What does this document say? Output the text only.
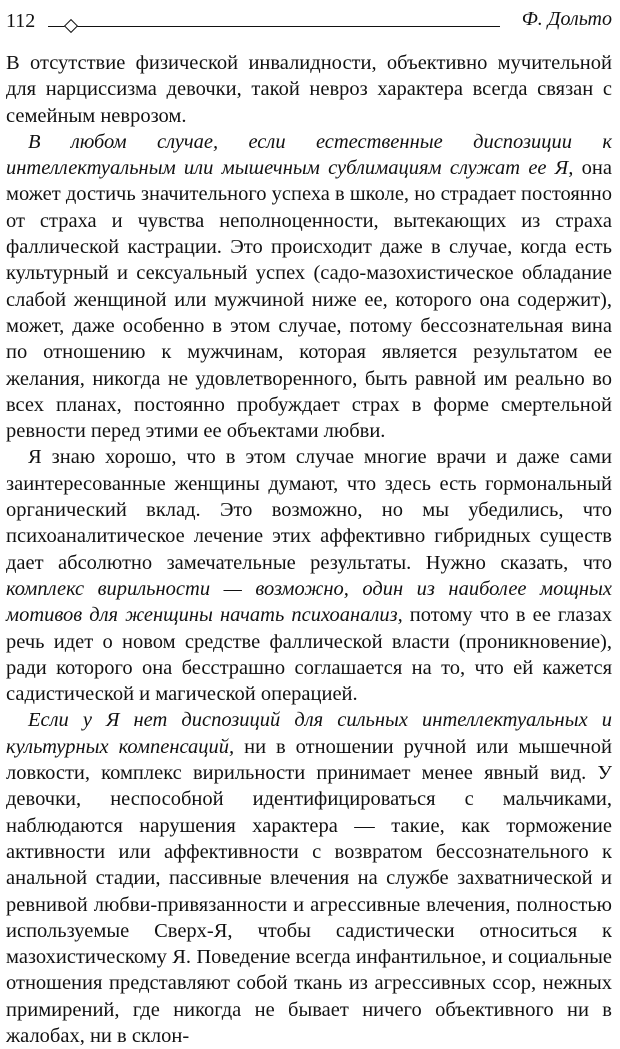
112	Ф. Дольто

В отсутствие физической инвалидности, объективно мучительной для нарциссизма девочки, такой невроз характера всегда связан с семейным неврозом.

В любом случае, если естественные диспозиции к интеллектуальным или мышечным сублимациям служат ее Я, она может достичь значительного успеха в школе, но страдает постоянно от страха и чувства неполноценности, вытекающих из страха фаллической кастрации. Это происходит даже в случае, когда есть культурный и сексуальный успех (садо-мазохистическое обладание слабой женщиной или мужчиной ниже ее, которого она содержит), может, даже особенно в этом случае, потому бессознательная вина по отношению к мужчинам, которая является результатом ее желания, никогда не удовлетворенного, быть равной им реально во всех планах, постоянно пробуждает страх в форме смертельной ревности перед этими ее объектами любви.

Я знаю хорошо, что в этом случае многие врачи и даже сами заинтересованные женщины думают, что здесь есть гормональный органический вклад. Это возможно, но мы убедились, что психоаналитическое лечение этих аффективно гибридных существ дает абсолютно замечательные результаты. Нужно сказать, что комплекс вирильности — возможно, один из наиболее мощных мотивов для женщины начать психоанализ, потому что в ее глазах речь идет о новом средстве фаллической власти (проникновение), ради которого она бесстрашно соглашается на то, что ей кажется садистической и магической операцией.

Если у Я нет диспозиций для сильных интеллектуальных и культурных компенсаций, ни в отношении ручной или мышечной ловкости, комплекс вирильности принимает менее явный вид. У девочки, неспособной идентифицироваться с мальчиками, наблюдаются нарушения характера — такие, как торможение активности или аффективности с возвратом бессознательного к анальной стадии, пассивные влечения на службе захватнической и ревнивой любви-привязанности и агрессивные влечения, полностью используемые Сверх-Я, чтобы садистически относиться к мазохистическому Я. Поведение всегда инфантильное, и социальные отношения представляют собой ткань из агрессивных ссор, нежных примирений, где никогда не бывает ничего объективного ни в жалобах, ни в склон-
